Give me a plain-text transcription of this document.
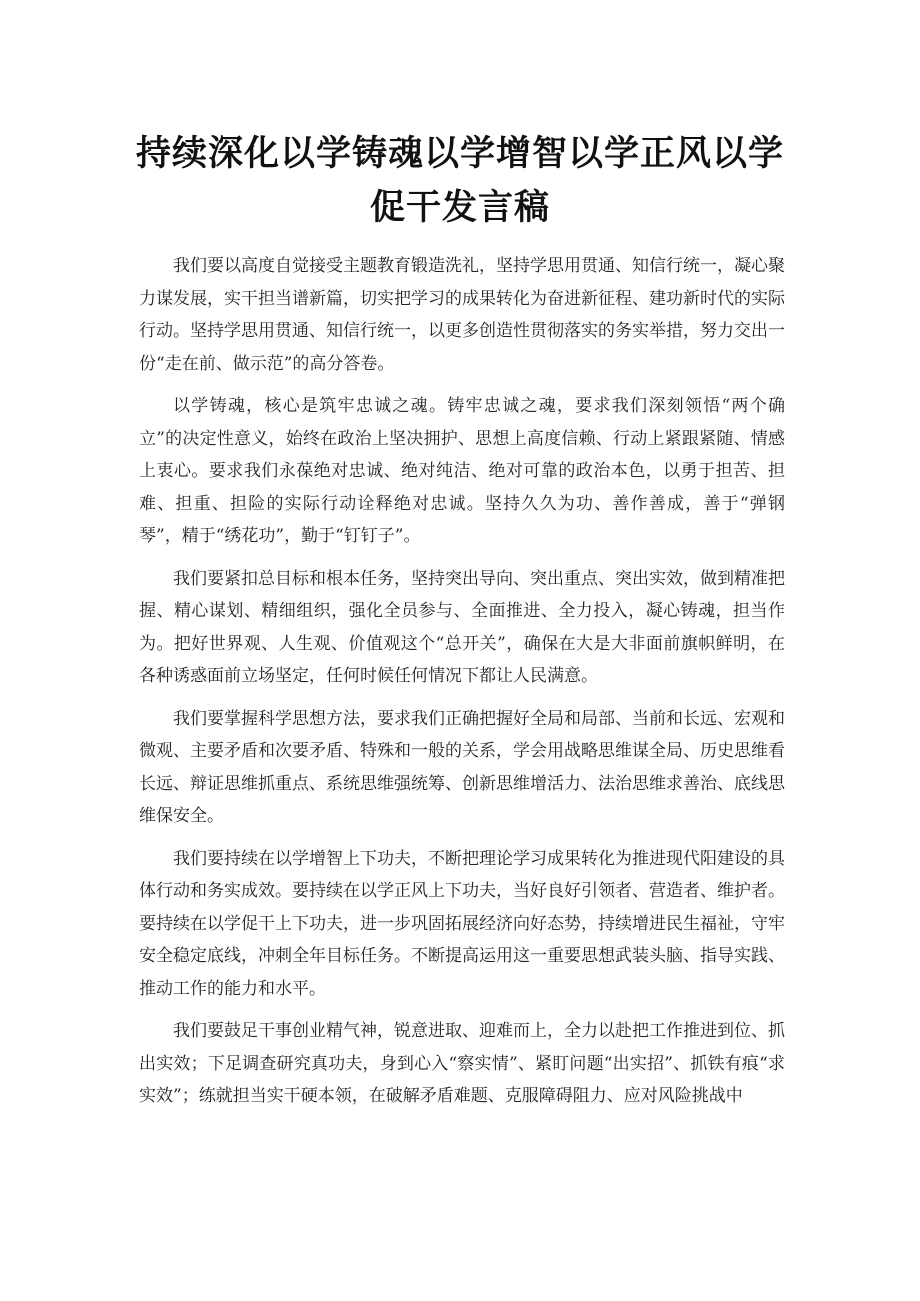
持续深化以学铸魂以学增智以学正风以学
促干发言稿

我们要以高度自觉接受主题教育锻造洗礼，坚持学思用贯通、知信行统一，凝心聚力谋发展，实干担当谱新篇，切实把学习的成果转化为奋进新征程、建功新时代的实际行动。坚持学思用贯通、知信行统一，以更多创造性贯彻落实的务实举措，努力交出一份“走在前、做示范”的高分答卷。

以学铸魂，核心是筑牢忠诚之魂。铸牢忠诚之魂，要求我们深刻领悟“两个确立”的决定性意义，始终在政治上坚决拥护、思想上高度信赖、行动上紧跟紧随、情感上衷心。要求我们永葆绝对忠诚、绝对纯洁、绝对可靠的政治本色，以勇于担苦、担难、担重、担险的实际行动诠释绝对忠诚。坚持久久为功、善作善成，善于“弹钢琴”，精于“绣花功”，勤于“钉钉子”。

我们要紧扣总目标和根本任务，坚持突出导向、突出重点、突出实效，做到精准把握、精心谋划、精细组织，强化全员参与、全面推进、全力投入，凝心铸魂，担当作为。把好世界观、人生观、价值观这个“总开关”，确保在大是大非面前旗帜鲜明，在各种诱惑面前立场坚定，任何时候任何情况下都让人民满意。

我们要掌握科学思想方法，要求我们正确把握好全局和局部、当前和长远、宏观和微观、主要矛盾和次要矛盾、特殊和一般的关系，学会用战略思维谋全局、历史思维看长远、辩证思维抓重点、系统思维强统筹、创新思维增活力、法治思维求善治、底线思维保安全。

我们要持续在以学增智上下功夫，不断把理论学习成果转化为推进现代阳建设的具体行动和务实成效。要持续在以学正风上下功夫，当好良好引领者、营造者、维护者。要持续在以学促干上下功夫，进一步巩固拓展经济向好态势，持续增进民生福祉，守牢安全稳定底线，冲刺全年目标任务。不断提高运用这一重要思想武装头脑、指导实践、推动工作的能力和水平。

我们要鼓足干事创业精气神，锐意进取、迎难而上，全力以赴把工作推进到位、抓出实效；下足调查研究真功夫，身到心入“察实情”、紧盯问题“出实招”、抓铁有痕“求实效”；练就担当实干硬本领，在破解矛盾难题、克服障碍阻力、应对风险挑战中
